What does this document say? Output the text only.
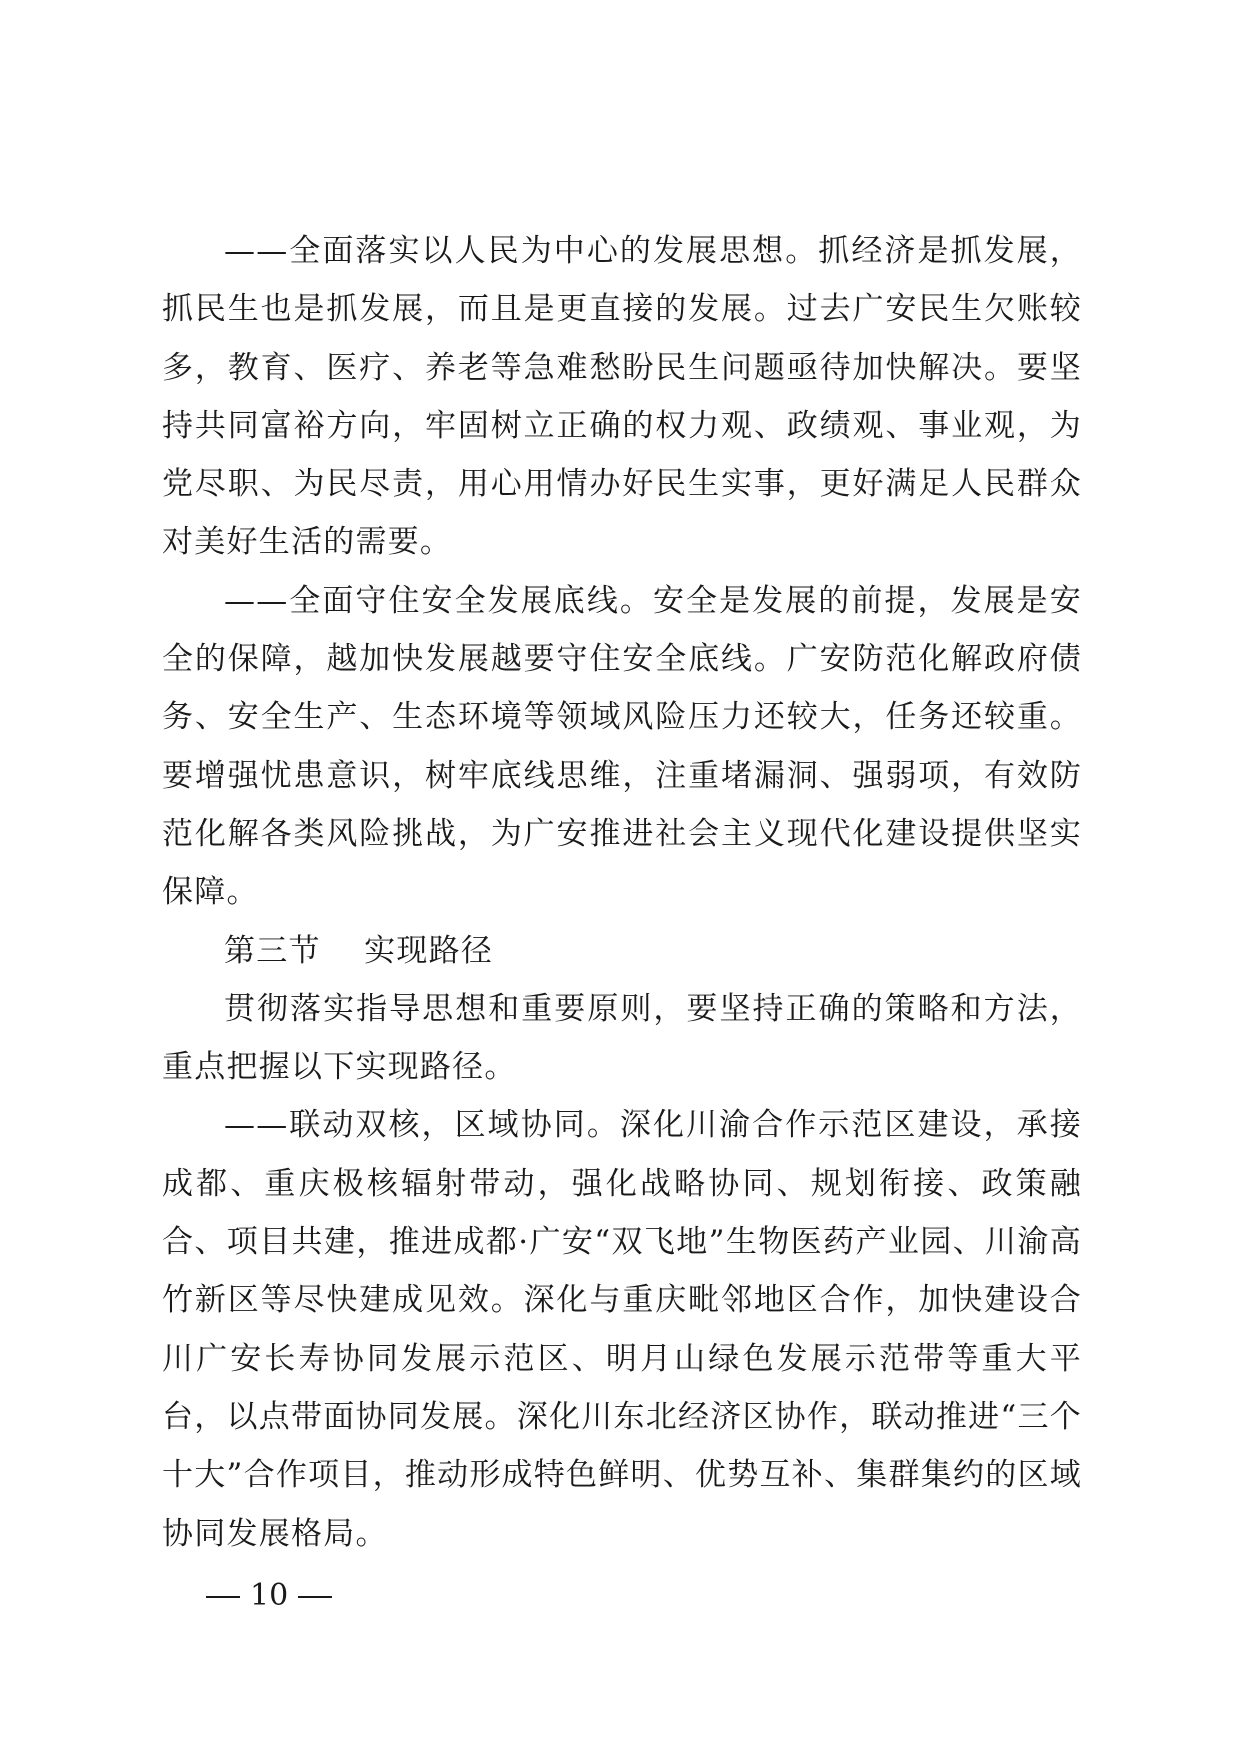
——全面落实以人民为中心的发展思想。抓经济是抓发展，抓民生也是抓发展，而且是更直接的发展。过去广安民生欠账较多，教育、医疗、养老等急难愁盼民生问题亟待加快解决。要坚持共同富裕方向，牢固树立正确的权力观、政绩观、事业观，为党尽职、为民尽责，用心用情办好民生实事，更好满足人民群众对美好生活的需要。

——全面守住安全发展底线。安全是发展的前提，发展是安全的保障，越加快发展越要守住安全底线。广安防范化解政府债务、安全生产、生态环境等领域风险压力还较大，任务还较重。要增强忧患意识，树牢底线思维，注重堵漏洞、强弱项，有效防范化解各类风险挑战，为广安推进社会主义现代化建设提供坚实保障。

第三节 实现路径

贯彻落实指导思想和重要原则，要坚持正确的策略和方法，重点把握以下实现路径。

——联动双核，区域协同。深化川渝合作示范区建设，承接成都、重庆极核辐射带动，强化战略协同、规划衔接、政策融合、项目共建，推进成都·广安“双飞地”生物医药产业园、川渝高竹新区等尽快建成见效。深化与重庆毗邻地区合作，加快建设合川广安长寿协同发展示范区、明月山绿色发展示范带等重大平台，以点带面协同发展。深化川东北经济区协作，联动推进“三个十大”合作项目，推动形成特色鲜明、优势互补、集群集约的区域协同发展格局。

10
